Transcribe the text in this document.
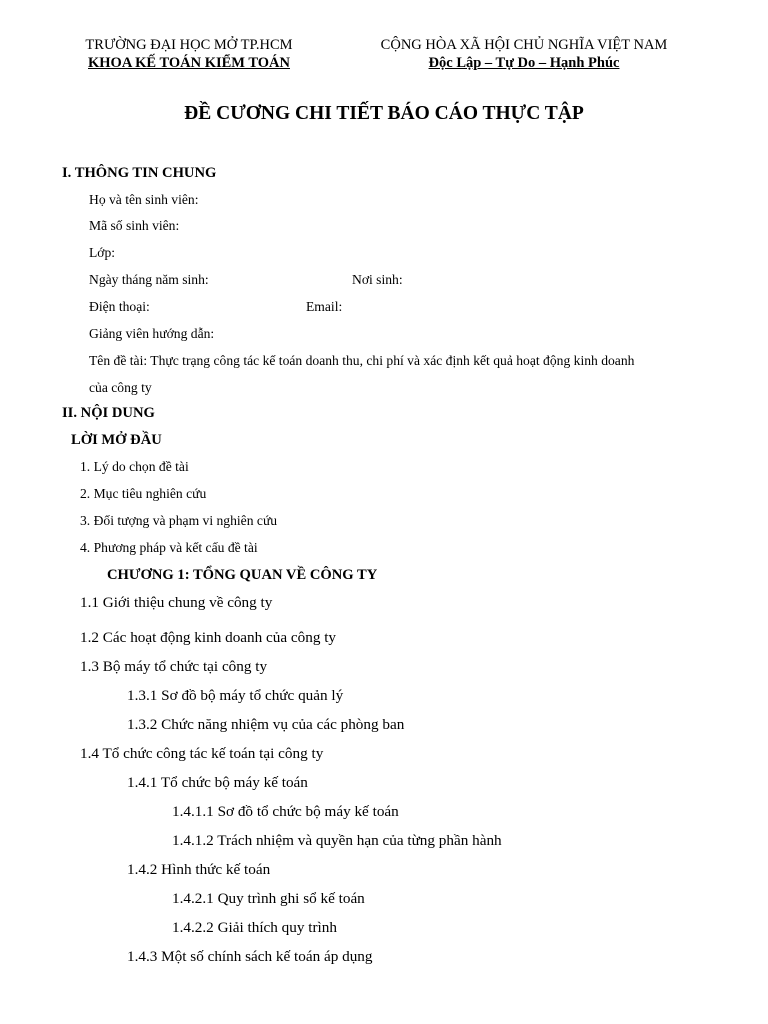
TRƯỜNG ĐẠI HỌC MỞ TP.HCM
KHOA KẾ TOÁN KIỂM TOÁN
CỘNG HÒA XÃ HỘI CHỦ NGHĨA VIỆT NAM
Độc Lập – Tự Do – Hạnh Phúc
ĐỀ CƯƠNG CHI TIẾT BÁO CÁO THỰC TẬP
I. THÔNG TIN CHUNG
Họ và tên sinh viên:
Mã số sinh viên:
Lớp:
Ngày tháng năm sinh:	Nơi sinh:
Điện thoại:	Email:
Giảng viên hướng dẫn:
Tên đề tài: Thực trạng công tác kế toán doanh thu, chi phí và xác định kết quả hoạt động kinh doanh
của công ty
II. NỘI DUNG
LỜI MỞ ĐẦU
1. Lý do chọn đề tài
2. Mục tiêu nghiên cứu
3. Đối tượng và phạm vi nghiên cứu
4. Phương pháp và kết cấu đề tài
CHƯƠNG 1: TỔNG QUAN VỀ CÔNG TY
1.1 Giới thiệu chung về công ty
1.2 Các hoạt động kinh doanh của công ty
1.3 Bộ máy tổ chức tại công ty
1.3.1 Sơ đồ bộ máy tổ chức quản lý
1.3.2 Chức năng nhiệm vụ của các phòng ban
1.4 Tổ chức công tác kế toán tại công ty
1.4.1 Tổ chức bộ máy kế toán
1.4.1.1 Sơ đồ tổ chức bộ máy kế toán
1.4.1.2 Trách nhiệm và quyền hạn của từng phần hành
1.4.2 Hình thức kế toán
1.4.2.1 Quy trình ghi sổ kế toán
1.4.2.2 Giải thích quy trình
1.4.3 Một số chính sách kế toán áp dụng
